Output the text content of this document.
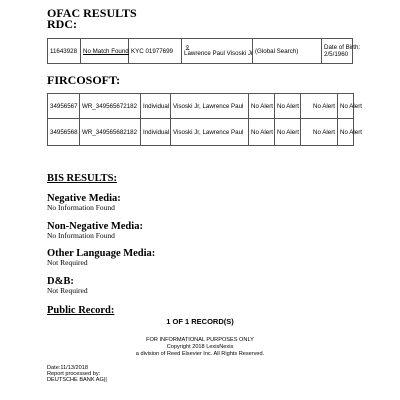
OFAC RESULTS
RDC:
11643928	No Match Found	KYC 01977699	Lawrence Paul Visoski Jr	(Global Search)	Date of Birth:
2/5/1960
FIRCOSOFT:
34956567	WR_349565672182	Individual	Visoski Jr, Lawrence Paul	No Alert	No Alert	No Alert	No Alert
34956568	WR_349565682182	Individual	Visoski Jr, Lawrence Paul	No Alert	No Alert	No Alert	No Alert
BIS RESULTS:
Negative Media:
No Information Found
Non-Negative Media:
No Information Found
Other Language Media:
Not Required
D&B:
Not Required
Public Record:
1 OF 1 RECORD(S)
FOR INFORMATIONAL PURPOSES ONLY
Copyright 2018 LexisNexis
a division of Reed Elsevier Inc. All Rights Reserved.
Date:11/13/2018
Report processed by:
DEUTSCHE BANK AG||
